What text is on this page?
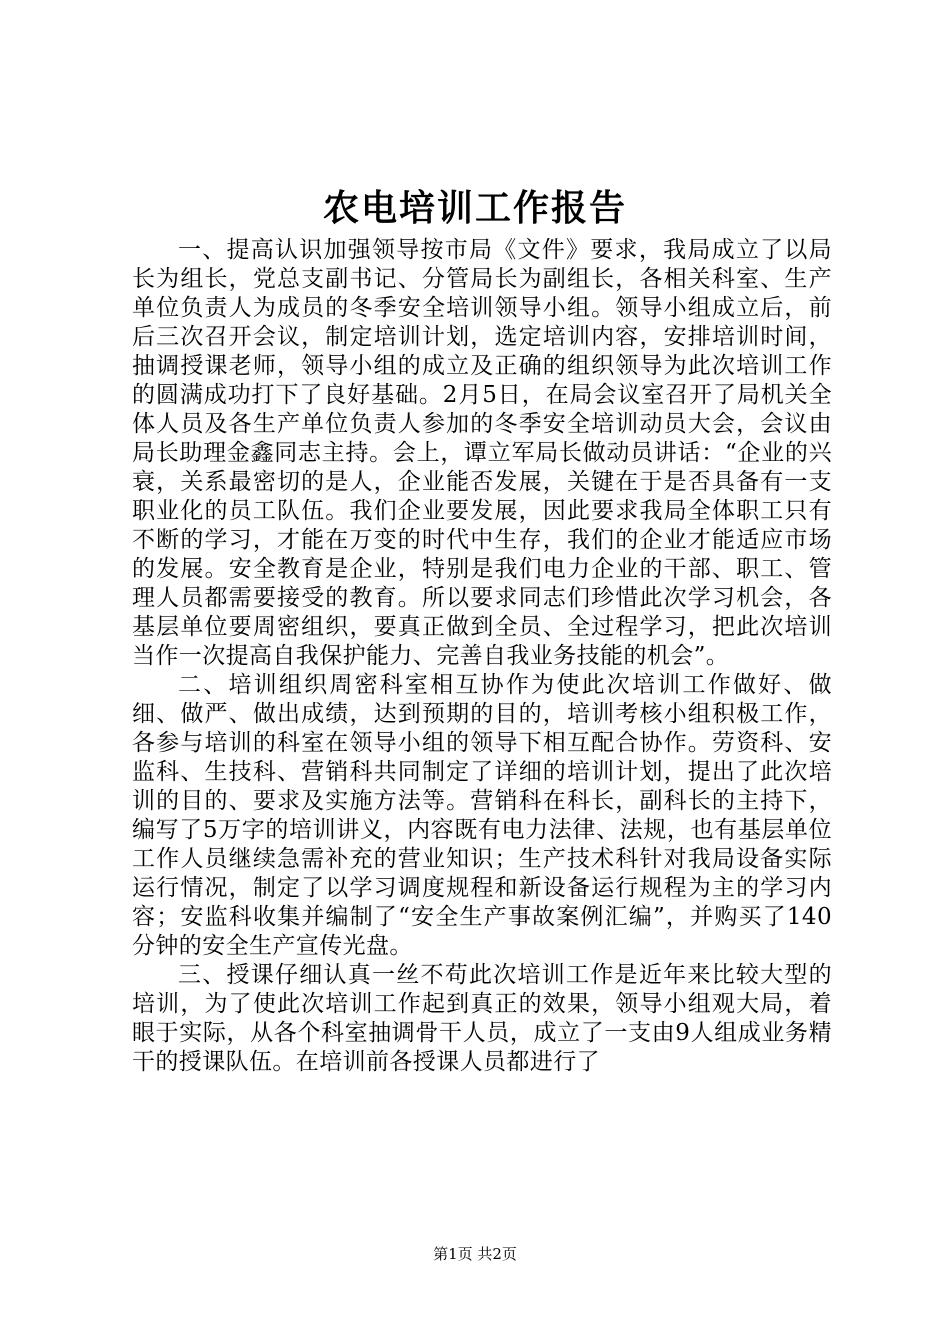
农电培训工作报告

一、提高认识加强领导按市局《文件》要求，我局成立了以局长为组长，党总支副书记、分管局长为副组长，各相关科室、生产单位负责人为成员的冬季安全培训领导小组。领导小组成立后，前后三次召开会议，制定培训计划，选定培训内容，安排培训时间，抽调授课老师，领导小组的成立及正确的组织领导为此次培训工作的圆满成功打下了良好基础。2月5日，在局会议室召开了局机关全体人员及各生产单位负责人参加的冬季安全培训动员大会，会议由局长助理金鑫同志主持。会上，谭立军局长做动员讲话：“企业的兴衰，关系最密切的是人，企业能否发展，关键在于是否具备有一支职业化的员工队伍。我们企业要发展，因此要求我局全体职工只有不断的学习，才能在万变的时代中生存，我们的企业才能适应市场的发展。安全教育是企业，特别是我们电力企业的干部、职工、管理人员都需要接受的教育。所以要求同志们珍惜此次学习机会，各基层单位要周密组织，要真正做到全员、全过程学习，把此次培训当作一次提高自我保护能力、完善自我业务技能的机会”。

二、培训组织周密科室相互协作为使此次培训工作做好、做细、做严、做出成绩，达到预期的目的，培训考核小组积极工作，各参与培训的科室在领导小组的领导下相互配合协作。劳资科、安监科、生技科、营销科共同制定了详细的培训计划，提出了此次培训的目的、要求及实施方法等。营销科在科长，副科长的主持下，编写了5万字的培训讲义，内容既有电力法律、法规，也有基层单位工作人员继续急需补充的营业知识；生产技术科针对我局设备实际运行情况，制定了以学习调度规程和新设备运行规程为主的学习内容；安监科收集并编制了“安全生产事故案例汇编”，并购买了140分钟的安全生产宣传光盘。

三、授课仔细认真一丝不苟此次培训工作是近年来比较大型的培训，为了使此次培训工作起到真正的效果，领导小组观大局，着眼于实际，从各个科室抽调骨干人员，成立了一支由9人组成业务精干的授课队伍。在培训前各授课人员都进行了

第1页 共2页
